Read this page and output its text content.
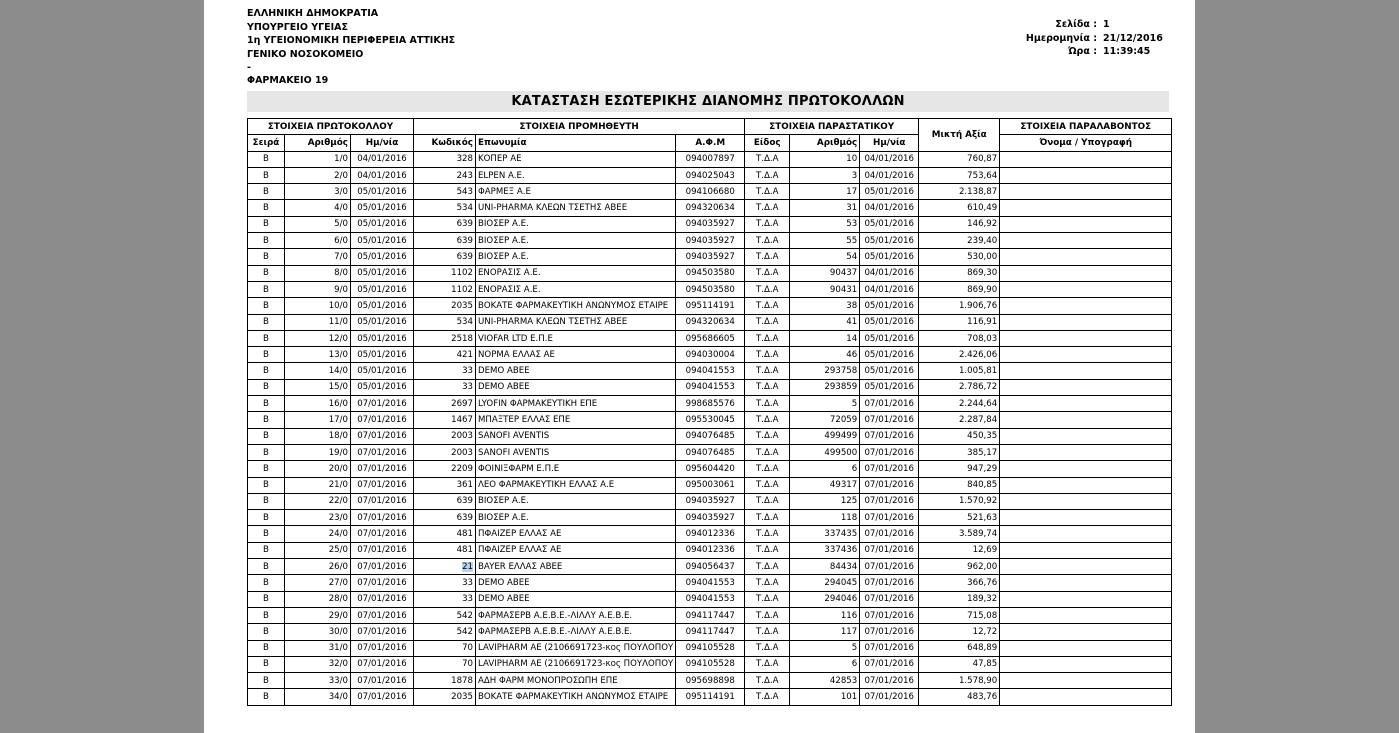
ΕΛΛΗΝΙΚΗ ΔΗΜΟΚΡΑΤΙΑ
ΥΠΟΥΡΓΕΙΟ ΥΓΕΙΑΣ
1η ΥΓΕΙΟΝΟΜΙΚΗ ΠΕΡΙΦΕΡΕΙΑ ΑΤΤΙΚΗΣ
ΓΕΝΙΚΟ ΝΟΣΟΚΟΜΕΙΟ
-
Σελίδα : 1
Ημερομηνία : 21/12/2016
Ώρα : 11:39:45
ΦΑΡΜΑΚΕΙΟ 19
ΚΑΤΑΣΤΑΣΗ ΕΣΩΤΕΡΙΚΗΣ ΔΙΑΝΟΜΗΣ ΠΡΩΤΟΚΟΛΛΩΝ
ΣΤΟΙΧΕΙΑ ΠΡΩΤΟΚΟΛΛΟΥ			ΣΤΟΙΧΕΙΑ ΠΡΟΜΗΘΕΥΤΗ			ΣΤΟΙΧΕΙΑ ΠΑΡΑΣΤΑΤΙΚΟΥ			Μικτή Αξία	ΣΤΟΙΧΕΙΑ ΠΑΡΑΛΑΒΟΝΤΟΣ
Σειρά	Αριθμός	Ημ/νία	Κωδικός	Επωνυμία	Α.Φ.Μ	Είδος	Αριθμός	Ημ/νία		Όνομα / Υπογραφή
Β	1/0	04/01/2016	328	ΚΟΠΕΡ ΑΕ	094007897	Τ.Δ.Α	10	04/01/2016	760,87	
Β	2/0	04/01/2016	243	ELPEN A.E.	094025043	Τ.Δ.Α	3	04/01/2016	753,64	
Β	3/0	05/01/2016	543	ΦΑΡΜΕΞ Α.Ε	094106680	Τ.Δ.Α	17	05/01/2016	2.138,87	
Β	4/0	05/01/2016	534	UNI-PHARMA ΚΛΕΩΝ ΤΣΕΤΗΣ ΑΒΕΕ	094320634	Τ.Δ.Α	31	04/01/2016	610,49	
Β	5/0	05/01/2016	639	ΒΙΟΣΕΡ Α.Ε.	094035927	Τ.Δ.Α	53	05/01/2016	146,92	
Β	6/0	05/01/2016	639	ΒΙΟΣΕΡ Α.Ε.	094035927	Τ.Δ.Α	55	05/01/2016	239,40	
Β	7/0	05/01/2016	639	ΒΙΟΣΕΡ Α.Ε.	094035927	Τ.Δ.Α	54	05/01/2016	530,00	
Β	8/0	05/01/2016	1102	ΕΝΟΡΑΣΙΣ Α.Ε.	094503580	Τ.Δ.Α	90437	04/01/2016	869,30	
Β	9/0	05/01/2016	1102	ΕΝΟΡΑΣΙΣ Α.Ε.	094503580	Τ.Δ.Α	90431	04/01/2016	869,90	
Β	10/0	05/01/2016	2035	ΒΟΚΑΤΕ ΦΑΡΜΑΚΕΥΤΙΚΗ ΑΝΩΝΥΜΟΣ ΕΤΑΙΡΕ	095114191	Τ.Δ.Α	38	05/01/2016	1.906,76	
Β	11/0	05/01/2016	534	UNI-PHARMA ΚΛΕΩΝ ΤΣΕΤΗΣ ΑΒΕΕ	094320634	Τ.Δ.Α	41	05/01/2016	116,91	
Β	12/0	05/01/2016	2518	VIOFAR LTD E.Π.Ε	095686605	Τ.Δ.Α	14	05/01/2016	708,03	
Β	13/0	05/01/2016	421	ΝΟΡΜΑ ΕΛΛΑΣ ΑΕ	094030004	Τ.Δ.Α	46	05/01/2016	2.426,06	
Β	14/0	05/01/2016	33	DEMO ΑΒΕΕ	094041553	Τ.Δ.Α	293758	05/01/2016	1.005,81	
Β	15/0	05/01/2016	33	DEMO ΑΒΕΕ	094041553	Τ.Δ.Α	293859	05/01/2016	2.786,72	
Β	16/0	07/01/2016	2697	LYOFIN ΦΑΡΜΑΚΕΥΤΙΚΗ ΕΠΕ	998685576	Τ.Δ.Α	5	07/01/2016	2.244,64	
Β	17/0	07/01/2016	1467	ΜΠΑΞΤΕΡ ΕΛΛΑΣ ΕΠΕ	095530045	Τ.Δ.Α	72059	07/01/2016	2.287,84	
Β	18/0	07/01/2016	2003	SANOFI AVENTIS	094076485	Τ.Δ.Α	499499	07/01/2016	450,35	
Β	19/0	07/01/2016	2003	SANOFI AVENTIS	094076485	Τ.Δ.Α	499500	07/01/2016	385,17	
Β	20/0	07/01/2016	2209	ΦΟΙΝΙΞΦΑΡΜ Ε.Π.Ε	095604420	Τ.Δ.Α	6	07/01/2016	947,29	
Β	21/0	07/01/2016	361	ΛΕΟ ΦΑΡΜΑΚΕΥΤΙΚΗ ΕΛΛΑΣ Α.Ε	095003061	Τ.Δ.Α	49317	07/01/2016	840,85	
Β	22/0	07/01/2016	639	ΒΙΟΣΕΡ Α.Ε.	094035927	Τ.Δ.Α	125	07/01/2016	1.570,92	
Β	23/0	07/01/2016	639	ΒΙΟΣΕΡ Α.Ε.	094035927	Τ.Δ.Α	118	07/01/2016	521,63	
Β	24/0	07/01/2016	481	ΠΦΑΙΖΕΡ ΕΛΛΑΣ ΑΕ	094012336	Τ.Δ.Α	337435	07/01/2016	3.589,74	
Β	25/0	07/01/2016	481	ΠΦΑΙΖΕΡ ΕΛΛΑΣ ΑΕ	094012336	Τ.Δ.Α	337436	07/01/2016	12,69	
Β	26/0	07/01/2016	21	BAYER ΕΛΛΑΣ ΑΒΕΕ	094056437	Τ.Δ.Α	84434	07/01/2016	962,00	
Β	27/0	07/01/2016	33	DEMO ΑΒΕΕ	094041553	Τ.Δ.Α	294045	07/01/2016	366,76	
Β	28/0	07/01/2016	33	DEMO ΑΒΕΕ	094041553	Τ.Δ.Α	294046	07/01/2016	189,32	
Β	29/0	07/01/2016	542	ΦΑΡΜΑΣΕΡΒ Α.Ε.Β.Ε.-ΛΙΛΛΥ Α.Ε.Β.Ε.	094117447	Τ.Δ.Α	116	07/01/2016	715,08	
Β	30/0	07/01/2016	542	ΦΑΡΜΑΣΕΡΒ Α.Ε.Β.Ε.-ΛΙΛΛΥ Α.Ε.Β.Ε.	094117447	Τ.Δ.Α	117	07/01/2016	12,72	
Β	31/0	07/01/2016	70	LAVIPHARM AE (2106691723-κος ΠΟΥΛΟΠΟΥ	094105528	Τ.Δ.Α	5	07/01/2016	648,89	
Β	32/0	07/01/2016	70	LAVIPHARM AE (2106691723-κος ΠΟΥΛΟΠΟΥ	094105528	Τ.Δ.Α	6	07/01/2016	47,85	
Β	33/0	07/01/2016	1878	ΑΔΗ ΦΑΡΜ ΜΟΝΟΠΡΟΣΩΠΗ ΕΠΕ	095698898	Τ.Δ.Α	42853	07/01/2016	1.578,90	
Β	34/0	07/01/2016	2035	ΒΟΚΑΤΕ ΦΑΡΜΑΚΕΥΤΙΚΗ ΑΝΩΝΥΜΟΣ ΕΤΑΙΡΕ	095114191	Τ.Δ.Α	101	07/01/2016	483,76	
